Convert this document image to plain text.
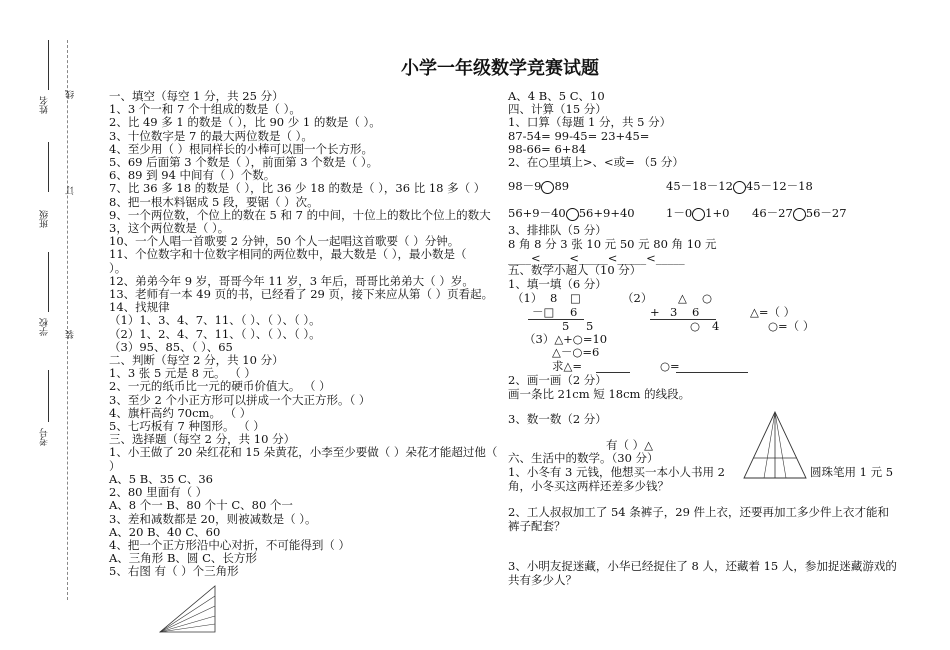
小学一年级数学竞赛试题
姓名
线
订
班级
学校 装
考号
一、填空（每空 1 分，共 25 分）
1、3 个一和 7 个十组成的数是（ ）。
2、比 49 多 1 的数是（ ），比 90 少 1 的数是（ ）。
3、十位数字是 7 的最大两位数是（ ）。
4、至少用（ ）根同样长的小棒可以围一个长方形。
5、69 后面第 3 个数是（ ），前面第 3 个数是（ ）。
6、89 到 94 中间有（ ）个数。
7、比 36 多 18 的数是（ ），比 36 少 18 的数是（ ），36 比 18 多（ ）
8、把一根木料锯成 5 段，要锯（ ）次。
9、一个两位数，个位上的数在 5 和 7 的中间，十位上的数比个位上的数大
3，这个两位数是（ ）。
10、一个人唱一首歌要 2 分钟，50 个人一起唱这首歌要（ ）分钟。
11、个位数字和十位数字相同的两位数中，最大数是（ ），最小数是（
）。
12、弟弟今年 9 岁，哥哥今年 11 岁，3 年后，哥哥比弟弟大（ ）岁。
13、老师有一本 49 页的书，已经看了 29 页，接下来应从第（ ）页看起。
14、找规律
（1）1、3、4、7、11、（ ）、（ ）、（ ）。
（2）1、2、4、7、11、（ ）、（ ）、（ ）。
（3）95、85、（ ）、65
二、判断（每空 2 分，共 10 分）
1、3 张 5 元是 8 元。 （ ）
2、一元的纸币比一元的硬币价值大。 （ ）
3、至少 2 个小正方形可以拼成一个大正方形。（ ）
4、旗杆高约 70cm。 （ ）
5、七巧板有 7 种图形。 （ ）
三、选择题（每空 2 分，共 10 分）
1、小王做了 20 朵红花和 15 朵黄花，小李至少要做（ ）朵花才能超过他（
）
A、5 B、35 C、36
2、80 里面有（ ）
A、8 个一 B、80 个十 C、80 个一
3、差和减数都是 20，则被减数是（ ）。
A、20 B、40 C、60
4、把一个正方形沿中心对折，不可能得到（ ）
A、三角形 B、圆 C、长方形
5、右图 有（ ）个三角形
A、4 B、5 C、10
四、计算（15 分）
1、口算（每题 1 分，共 5 分）
87-54= 99-45= 23+45=
98-66= 6+84
2、在○里填上>、<或= （5 分）
98－9 89	45－18－12 45－12－18
56+9－40 56+9+40	1－0 1+0 46－27 56－27
3、排排队（5 分）
8 角 8 分 3 张 10 元 50 元 80 角 10 元
____<_____<_____<_____<_____
五、数学小超人（10 分）
1、填一填（6 分）
（1） 8 □
－□ 6
5 5
（2） △ ○
+ 3 6
○ 4
△=（ ）
○=（ ）
（3）△+○=10
△－○=6
求△=	○=
2、画一画（2 分）
画一条比 21cm 短 18cm 的线段。
3、数一数（2 分）
有（ ）△
六、生活中的数学。（30 分）
1、小冬有 3 元钱，他想买一本小人书用 2	圆珠笔用 1 元 5
角，小冬买这两样还差多少钱？
2、工人叔叔加工了 54 条裤子，29 件上衣，还要再加工多少件上衣才能和
裤子配套？
3、小明友捉迷藏，小华已经捉住了 8 人，还藏着 15 人，参加捉迷藏游戏的
共有多少人？
